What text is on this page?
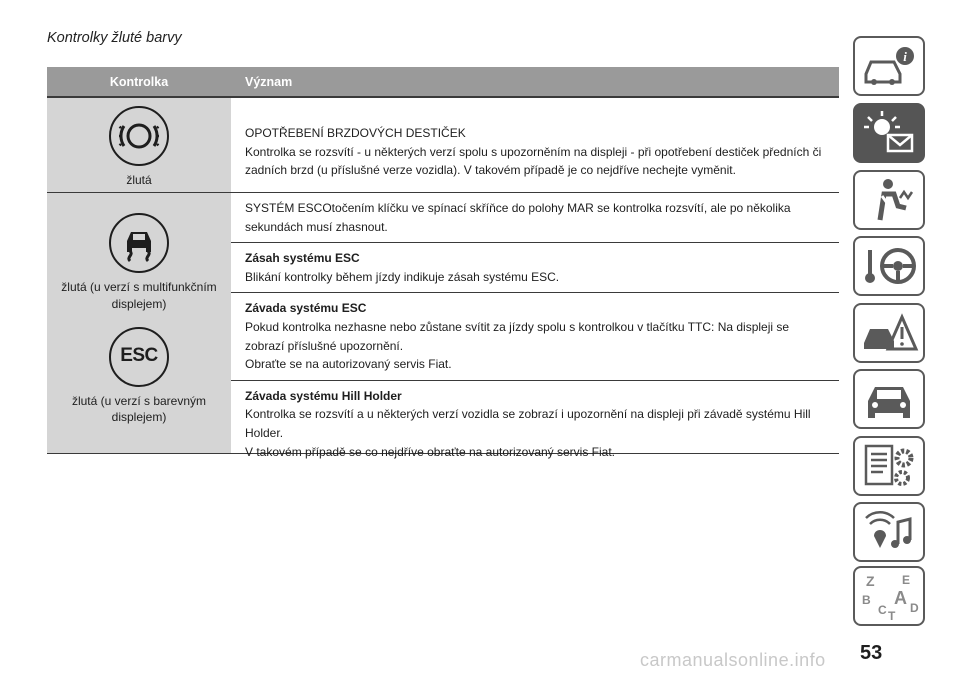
Kontrolky žluté barvy
Kontrolka	Význam
žlutá
OPOTŘEBENÍ BRZDOVÝCH DESTIČEK
Kontrolka se rozsvítí - u některých verzí spolu s upozorněním na displeji - při opotřebení destiček předních či zadních brzd (u příslušné verze vozidla). V takovém případě je co nejdříve nechejte vyměnit.
žlutá (u verzí s multifunkčním displejem)
ESC
žlutá (u verzí s barevným displejem)
SYSTÉM ESCOtočením klíčku ve spínací skříňce do polohy MAR se kontrolka rozsvítí, ale po několika sekundách musí zhasnout.
Zásah systému ESC
Blikání kontrolky během jízdy indikuje zásah systému ESC.
Závada systému ESC
Pokud kontrolka nezhasne nebo zůstane svítit za jízdy spolu s kontrolkou v tlačítku TTC: Na displeji se zobrazí příslušné upozornění.
Obraťte se na autorizovaný servis Fiat.
Závada systému Hill Holder
Kontrolka se rozsvítí a u některých verzí vozidla se zobrazí i upozornění na displeji při závadě systému Hill Holder.
V takovém případě se co nejdříve obraťte na autorizovaný servis Fiat.
i
Z E
B A
C D
T
53
carmanualsonline.info
